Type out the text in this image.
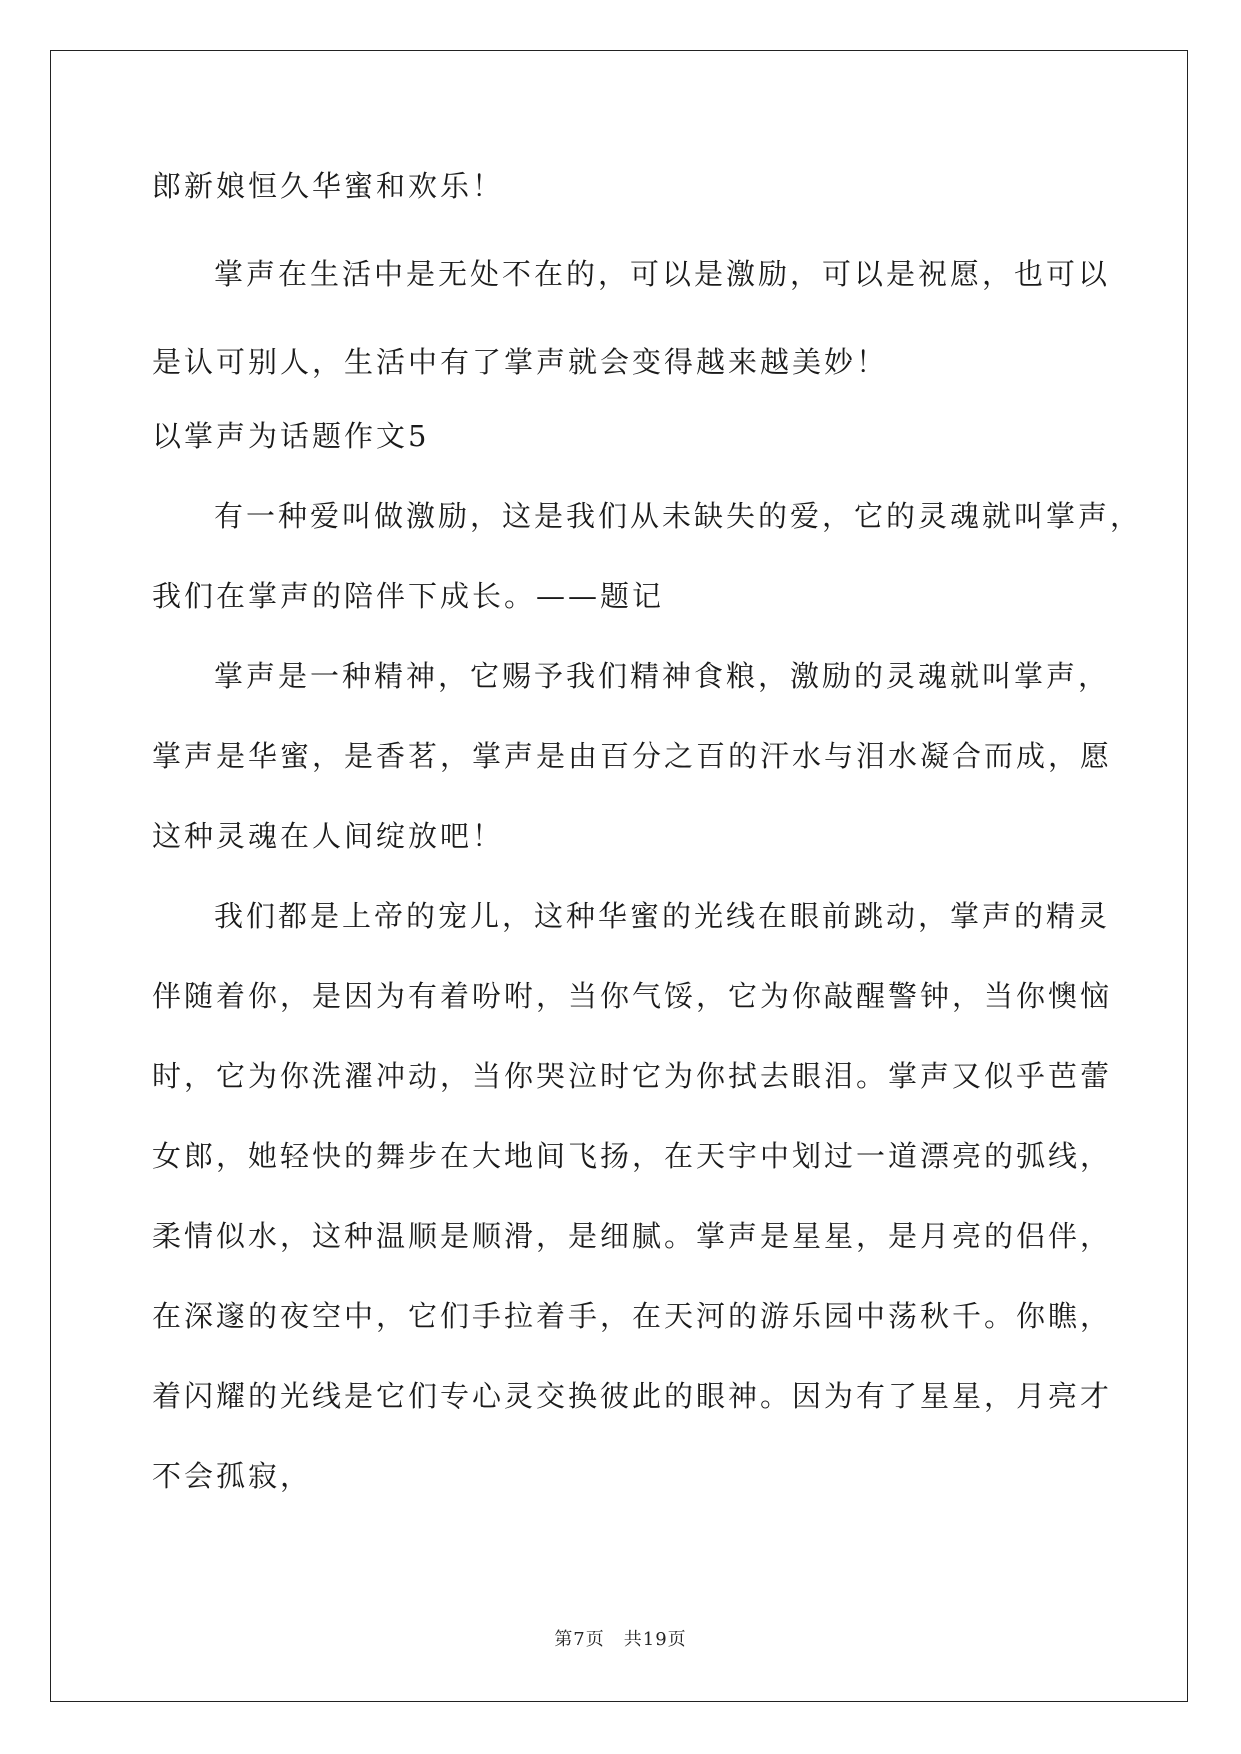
郎新娘恒久华蜜和欢乐！
掌声在生活中是无处不在的，可以是激励，可以是祝愿，也可以
是认可别人，生活中有了掌声就会变得越来越美妙！
以掌声为话题作文5
有一种爱叫做激励，这是我们从未缺失的爱，它的灵魂就叫掌声，
我们在掌声的陪伴下成长。——题记
掌声是一种精神，它赐予我们精神食粮，激励的灵魂就叫掌声，
掌声是华蜜，是香茗，掌声是由百分之百的汗水与泪水凝合而成，愿
这种灵魂在人间绽放吧！
我们都是上帝的宠儿，这种华蜜的光线在眼前跳动，掌声的精灵
伴随着你，是因为有着吩咐，当你气馁，它为你敲醒警钟，当你懊恼
时，它为你洗濯冲动，当你哭泣时它为你拭去眼泪。掌声又似乎芭蕾
女郎，她轻快的舞步在大地间飞扬，在天宇中划过一道漂亮的弧线，
柔情似水，这种温顺是顺滑，是细腻。掌声是星星，是月亮的侣伴，
在深邃的夜空中，它们手拉着手，在天河的游乐园中荡秋千。你瞧，
着闪耀的光线是它们专心灵交换彼此的眼神。因为有了星星，月亮才
不会孤寂，
第7页　共19页
